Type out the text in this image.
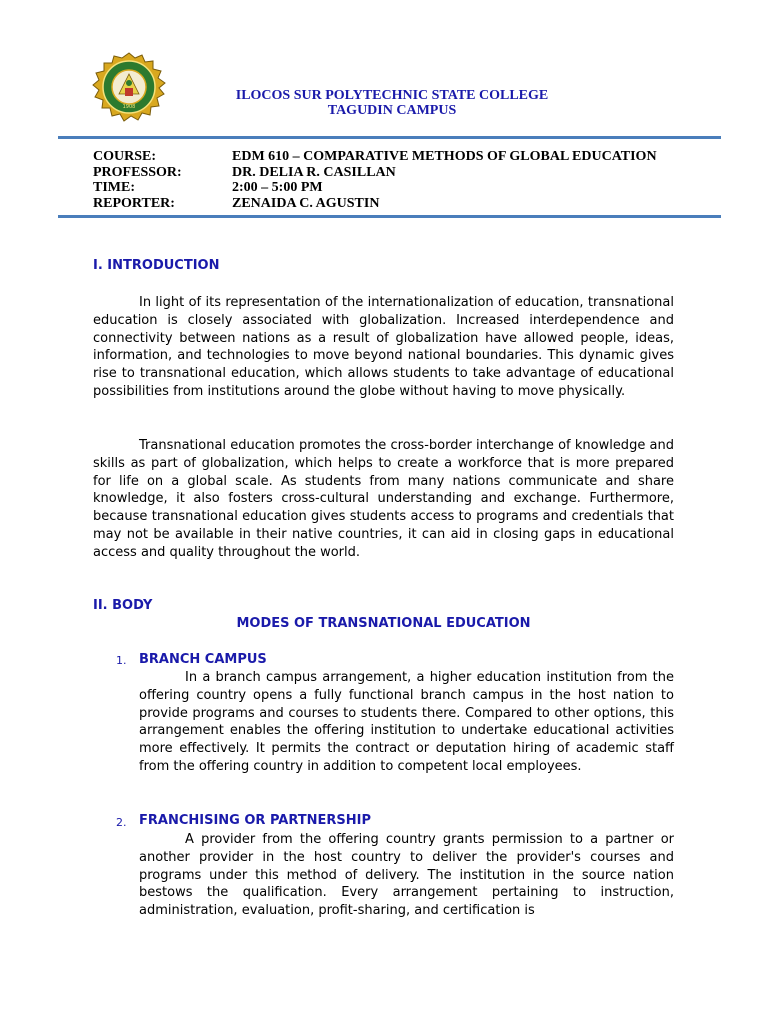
1908
ILOCOS SUR POLYTECHNIC STATE COLLEGE
TAGUDIN CAMPUS
COURSE:	EDM 610 – COMPARATIVE METHODS OF GLOBAL EDUCATION
PROFESSOR:	DR. DELIA R. CASILLAN
TIME:	2:00 – 5:00 PM
REPORTER:	ZENAIDA C. AGUSTIN
I. INTRODUCTION

In light of its representation of the internationalization of education, transnational education is closely associated with globalization. Increased interdependence and connectivity between nations as a result of globalization have allowed people, ideas, information, and technologies to move beyond national boundaries. This dynamic gives rise to transnational education, which allows students to take advantage of educational possibilities from institutions around the globe without having to move physically.

Transnational education promotes the cross-border interchange of knowledge and skills as part of globalization, which helps to create a workforce that is more prepared for life on a global scale. As students from many nations communicate and share knowledge, it also fosters cross-cultural understanding and exchange. Furthermore, because transnational education gives students access to programs and credentials that may not be available in their native countries, it can aid in closing gaps in educational access and quality throughout the world.

II. BODY
MODES OF TRANSNATIONAL EDUCATION
1. BRANCH CAMPUS

In a branch campus arrangement, a higher education institution from the offering country opens a fully functional branch campus in the host nation to provide programs and courses to students there. Compared to other options, this arrangement enables the offering institution to undertake educational activities more effectively. It permits the contract or deputation hiring of academic staff from the offering country in addition to competent local employees.

2. FRANCHISING OR PARTNERSHIP

A provider from the offering country grants permission to a partner or another provider in the host country to deliver the provider's courses and programs under this method of delivery. The institution in the source nation bestows the qualification. Every arrangement pertaining to instruction, administration, evaluation, profit-sharing, and certification is
